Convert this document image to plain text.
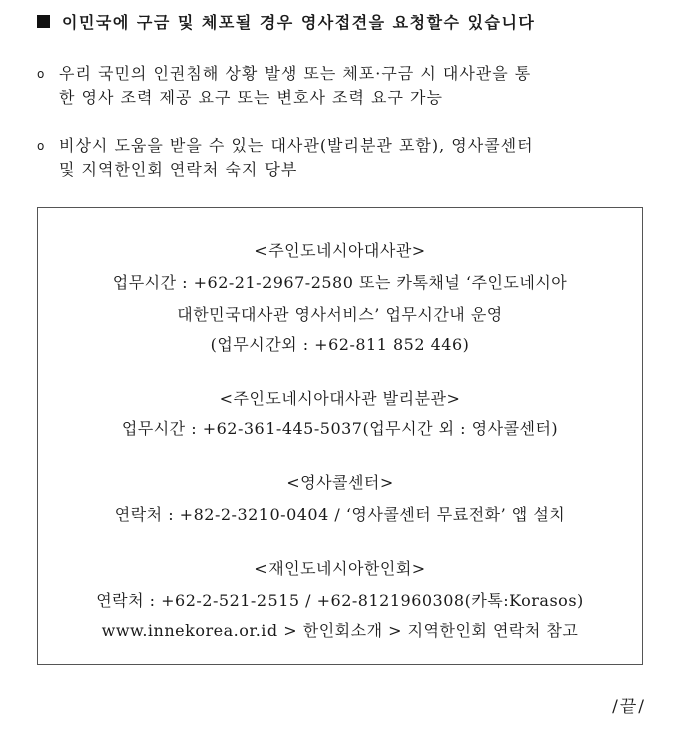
이민국에 구금 및 체포될 경우 영사접견을 요청할수 있습니다
o 우리 국민의 인권침해 상황 발생 또는 체포·구금 시 대사관을 통
한 영사 조력 제공 요구 또는 변호사 조력 요구 가능
o 비상시 도움을 받을 수 있는 대사관(발리분관 포함), 영사콜센터
및 지역한인회 연락처 숙지 당부
<주인도네시아대사관>
업무시간 : +62-21-2967-2580 또는 카톡채널 ‘주인도네시아
대한민국대사관 영사서비스’ 업무시간내 운영
(업무시간외 : +62-811 852 446)
<주인도네시아대사관 발리분관>
업무시간 : +62-361-445-5037(업무시간 외 : 영사콜센터)
<영사콜센터>
연락처 : +82-2-3210-0404 / ‘영사콜센터 무료전화’ 앱 설치
<재인도네시아한인회>
연락처 : +62-2-521-2515 / +62-8121960308(카톡:Korasos)
www.innekorea.or.id > 한인회소개 > 지역한인회 연락처 참고
/끝/
